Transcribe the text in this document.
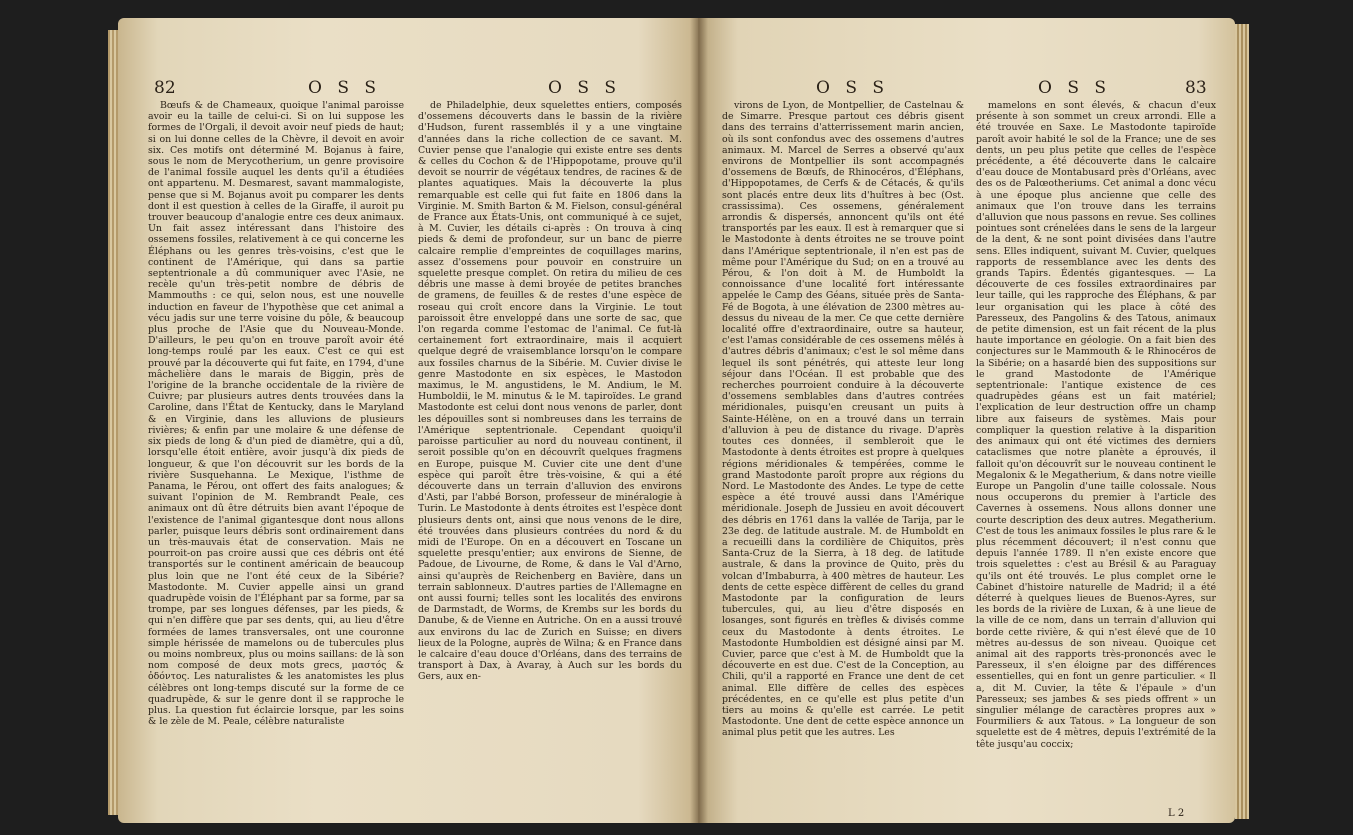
82	O S S	O S S

Bœufs & de Chameaux, quoique l'animal paroisse avoir eu la taille de celui-ci. Si on lui suppose les formes de l'Orgali, il devoit avoir neuf pieds de haut; si on lui donne celles de la Chèvre, il devoit en avoir six. Ces motifs ont déterminé M. Bojanus à faire, sous le nom de Merycotherium, un genre provisoire de l'animal fossile auquel les dents qu'il a étudiées ont appartenu. M. Desmarest, savant mammalogiste, pense que si M. Bojanus avoit pu comparer les dents dont il est question à celles de la Giraffe, il auroit pu trouver beaucoup d'analogie entre ces deux animaux. Un fait assez intéressant dans l'histoire des ossemens fossiles, relativement à ce qui concerne les Éléphans ou les genres très-voisins, c'est que le continent de l'Amérique, qui dans sa partie septentrionale a dû communiquer avec l'Asie, ne recèle qu'un très-petit nombre de débris de Mammouths : ce qui, selon nous, est une nouvelle induction en faveur de l'hypothèse que cet animal a vécu jadis sur une terre voisine du pôle, & beaucoup plus proche de l'Asie que du Nouveau-Monde. D'ailleurs, le peu qu'on en trouve paroît avoir été long-temps roulé par les eaux. C'est ce qui est prouvé par la découverte qui fut faite, en 1794, d'une mâchelière dans le marais de Biggin, près de l'origine de la branche occidentale de la rivière de Cuivre; par plusieurs autres dents trouvées dans la Caroline, dans l'État de Kentucky, dans le Maryland & en Virginie, dans les alluvions de plusieurs rivières; & enfin par une molaire & une défense de six pieds de long & d'un pied de diamètre, qui a dû, lorsqu'elle étoit entière, avoir jusqu'à dix pieds de longueur, & que l'on découvrit sur les bords de la rivière Susquehanna. Le Mexique, l'isthme de Panama, le Pérou, ont offert des faits analogues; & suivant l'opinion de M. Rembrandt Peale, ces animaux ont dû être détruits bien avant l'époque de l'existence de l'animal gigantesque dont nous allons parler, puisque leurs débris sont ordinairement dans un très-mauvais état de conservation. Mais ne pourroit-on pas croire aussi que ces débris ont été transportés sur le continent américain de beaucoup plus loin que ne l'ont été ceux de la Sibérie? Mastodonte. M. Cuvier appelle ainsi un grand quadrupède voisin de l'Éléphant par sa forme, par sa trompe, par ses longues défenses, par les pieds, & qui n'en diffère que par ses dents, qui, au lieu d'être formées de lames transversales, ont une couronne simple hérissée de mamelons ou de tubercules plus ou moins nombreux, plus ou moins saillans: de là son nom composé de deux mots grecs, μαστός & ὀδόντος. Les naturalistes & les anatomistes les plus célèbres ont long-temps discuté sur la forme de ce quadrupède, & sur le genre dont il se rapproche le plus. La question fut éclaircie lorsque, par les soins & le zèle de M. Peale, célèbre naturaliste

de Philadelphie, deux squelettes entiers, composés d'ossemens découverts dans le bassin de la rivière d'Hudson, furent rassemblés il y a une vingtaine d'années dans la riche collection de ce savant. M. Cuvier pense que l'analogie qui existe entre ses dents & celles du Cochon & de l'Hippopotame, prouve qu'il devoit se nourrir de végétaux tendres, de racines & de plantes aquatiques. Mais la découverte la plus remarquable est celle qui fut faite en 1806 dans la Virginie. M. Smith Barton & M. Fielson, consul-général de France aux États-Unis, ont communiqué à ce sujet, à M. Cuvier, les détails ci-après : On trouva à cinq pieds & demi de profondeur, sur un banc de pierre calcaire remplie d'empreintes de coquillages marins, assez d'ossemens pour pouvoir en construire un squelette presque complet. On retira du milieu de ces débris une masse à demi broyée de petites branches de gramens, de feuilles & de restes d'une espèce de roseau qui croît encore dans la Virginie. Le tout paroissoit être enveloppé dans une sorte de sac, que l'on regarda comme l'estomac de l'animal. Ce fut-là certainement fort extraordinaire, mais il acquiert quelque degré de vraisemblance lorsqu'on le compare aux fossiles charnus de la Sibérie. M. Cuvier divise le genre Mastodonte en six espèces, le Mastodon maximus, le M. angustidens, le M. Andium, le M. Humboldii, le M. minutus & le M. tapiroïdes. Le grand Mastodonte est celui dont nous venons de parler, dont les dépouilles sont si nombreuses dans les terrains de l'Amérique septentrionale. Cependant quoiqu'il paroisse particulier au nord du nouveau continent, il seroit possible qu'on en découvrît quelques fragmens en Europe, puisque M. Cuvier cite une dent d'une espèce qui paroît être très-voisine, & qui a été découverte dans un terrain d'alluvion des environs d'Asti, par l'abbé Borson, professeur de minéralogie à Turin. Le Mastodonte à dents étroites est l'espèce dont plusieurs dents ont, ainsi que nous venons de le dire, été trouvées dans plusieurs contrées du nord & du midi de l'Europe. On en a découvert en Toscane un squelette presqu'entier; aux environs de Sienne, de Padoue, de Livourne, de Rome, & dans le Val d'Arno, ainsi qu'auprès de Reichenberg en Bavière, dans un terrain sablonneux. D'autres parties de l'Allemagne en ont aussi fourni; telles sont les localités des environs de Darmstadt, de Worms, de Krembs sur les bords du Danube, & de Vienne en Autriche. On en a aussi trouvé aux environs du lac de Zurich en Suisse; en divers lieux de la Pologne, auprès de Wilna; & en France dans le calcaire d'eau douce d'Orléans, dans des terrains de transport à Dax, à Avaray, à Auch sur les bords du Gers, aux en-

O S S	O S S	83

virons de Lyon, de Montpellier, de Castelnau & de Simarre. Presque partout ces débris gisent dans des terrains d'atterrissement marin ancien, où ils sont confondus avec des ossemens d'autres animaux. M. Marcel de Serres a observé qu'aux environs de Montpellier ils sont accompagnés d'ossemens de Bœufs, de Rhinocéros, d'Éléphans, d'Hippopotames, de Cerfs & de Cétacés, & qu'ils sont placés entre deux lits d'huîtres à bec (Ost. crassissima). Ces ossemens, généralement arrondis & dispersés, annoncent qu'ils ont été transportés par les eaux. Il est à remarquer que si le Mastodonte à dents étroites ne se trouve point dans l'Amérique septentrionale, il n'en est pas de même pour l'Amérique du Sud; on en a trouvé au Pérou, & l'on doit à M. de Humboldt la connoissance d'une localité fort intéressante appelée le Camp des Géans, située près de Santa-Fé de Bogota, à une élévation de 2300 mètres au-dessus du niveau de la mer. Ce que cette dernière localité offre d'extraordinaire, outre sa hauteur, c'est l'amas considérable de ces ossemens mêlés à d'autres débris d'animaux; c'est le sol même dans lequel ils sont pénétrés, qui atteste leur long séjour dans l'Océan. Il est probable que des recherches pourroient conduire à la découverte d'ossemens semblables dans d'autres contrées méridionales, puisqu'en creusant un puits à Sainte-Hélène, on en a trouvé dans un terrain d'alluvion à peu de distance du rivage. D'après toutes ces données, il sembleroit que le Mastodonte à dents étroites est propre à quelques régions méridionales & tempérées, comme le grand Mastodonte paroît propre aux régions du Nord. Le Mastodonte des Andes. Le type de cette espèce a été trouvé aussi dans l'Amérique méridionale. Joseph de Jussieu en avoit découvert des débris en 1761 dans la vallée de Tarija, par le 23e deg. de latitude australe. M. de Humboldt en a recueilli dans la cordilière de Chiquitos, près Santa-Cruz de la Sierra, à 18 deg. de latitude australe, & dans la province de Quito, près du volcan d'Imbaburra, à 400 mètres de hauteur. Les dents de cette espèce diffèrent de celles du grand Mastodonte par la configuration de leurs tubercules, qui, au lieu d'être disposés en losanges, sont figurés en trèfles & divisés comme ceux du Mastodonte à dents étroites. Le Mastodonte Humboldien est désigné ainsi par M. Cuvier, parce que c'est à M. de Humboldt que la découverte en est due. C'est de la Conception, au Chili, qu'il a rapporté en France une dent de cet animal. Elle diffère de celles des espèces précédentes, en ce qu'elle est plus petite d'un tiers au moins & qu'elle est carrée. Le petit Mastodonte. Une dent de cette espèce annonce un animal plus petit que les autres. Les

mamelons en sont élevés, & chacun d'eux présente à son sommet un creux arrondi. Elle a été trouvée en Saxe. Le Mastodonte tapiroïde paroît avoir habité le sol de la France; une de ses dents, un peu plus petite que celles de l'espèce précédente, a été découverte dans le calcaire d'eau douce de Montabusard près d'Orléans, avec des os de Palœotheriums. Cet animal a donc vécu à une époque plus ancienne que celle des animaux que l'on trouve dans les terrains d'alluvion que nous passons en revue. Ses collines pointues sont crénelées dans le sens de la largeur de la dent, & ne sont point divisées dans l'autre sens. Elles indiquent, suivant M. Cuvier, quelques rapports de ressemblance avec les dents des grands Tapirs. Édentés gigantesques. — La découverte de ces fossiles extraordinaires par leur taille, qui les rapproche des Éléphans, & par leur organisation qui les place à côté des Paresseux, des Pangolins & des Tatous, animaux de petite dimension, est un fait récent de la plus haute importance en géologie. On a fait bien des conjectures sur le Mammouth & le Rhinocéros de la Sibérie; on a hasardé bien des suppositions sur le grand Mastodonte de l'Amérique septentrionale: l'antique existence de ces quadrupèdes géans est un fait matériel; l'explication de leur destruction offre un champ libre aux faiseurs de systèmes. Mais pour compliquer la question relative à la disparition des animaux qui ont été victimes des derniers cataclismes que notre planète a éprouvés, il falloit qu'on découvrît sur le nouveau continent le Megalonix & le Megatherium, & dans notre vieille Europe un Pangolin d'une taille colossale. Nous nous occuperons du premier à l'article des Cavernes à ossemens. Nous allons donner une courte description des deux autres. Megatherium. C'est de tous les animaux fossiles le plus rare & le plus récemment découvert; il n'est connu que depuis l'année 1789. Il n'en existe encore que trois squelettes : c'est au Brésil & au Paraguay qu'ils ont été trouvés. Le plus complet orne le Cabinet d'histoire naturelle de Madrid; il a été déterré à quelques lieues de Buenos-Ayres, sur les bords de la rivière de Luxan, & à une lieue de la ville de ce nom, dans un terrain d'alluvion qui borde cette rivière, & qui n'est élevé que de 10 mètres au-dessus de son niveau. Quoique cet animal ait des rapports très-prononcés avec le Paresseux, il s'en éloigne par des différences essentielles, qui en font un genre particulier. « Il a, dit M. Cuvier, la tête & l'épaule » d'un Paresseux; ses jambes & ses pieds offrent » un singulier mélange de caractères propres aux » Fourmiliers & aux Tatous. » La longueur de son squelette est de 4 mètres, depuis l'extrémité de la tête jusqu'au coccix;

L 2
